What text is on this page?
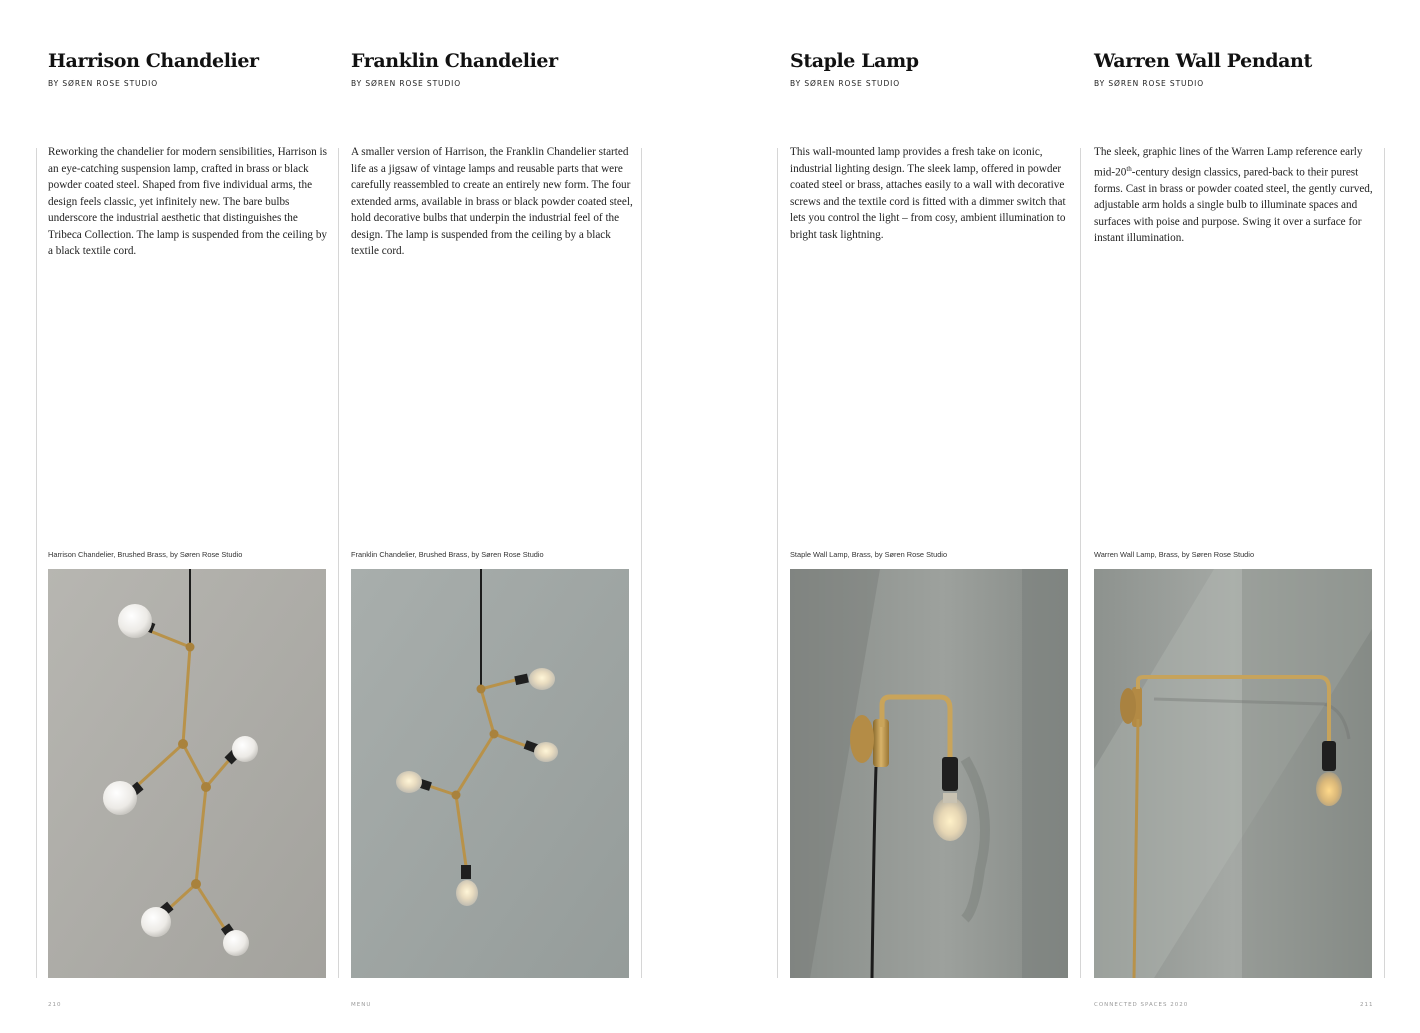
Harrison Chandelier
BY SØREN ROSE STUDIO

Reworking the chandelier for modern sensibilities, Harrison is an eye-catching suspension lamp, crafted in brass or black powder coated steel. Shaped from five individual arms, the design feels classic, yet infinitely new. The bare bulbs underscore the industrial aesthetic that distinguishes the Tribeca Collection. The lamp is suspended from the ceiling by a black textile cord.

Harrison Chandelier, Brushed Brass, by Søren Rose Studio
Franklin Chandelier
BY SØREN ROSE STUDIO

A smaller version of Harrison, the Franklin Chandelier started life as a jigsaw of vintage lamps and reusable parts that were carefully reassembled to create an entirely new form. The four extended arms, available in brass or black powder coated steel, hold decorative bulbs that underpin the industrial feel of the design. The lamp is suspended from the ceiling by a black textile cord.

Franklin Chandelier, Brushed Brass, by Søren Rose Studio
Staple Lamp
BY SØREN ROSE STUDIO

This wall-mounted lamp provides a fresh take on iconic, industrial lighting design. The sleek lamp, offered in powder coated steel or brass, attaches easily to a wall with decorative screws and the textile cord is fitted with a dimmer switch that lets you control the light – from cosy, ambient illumination to bright task lightning.

Staple Wall Lamp, Brass, by Søren Rose Studio
Warren Wall Pendant
BY SØREN ROSE STUDIO

The sleek, graphic lines of the Warren Lamp reference early mid-20th-century design classics, pared-back to their purest forms. Cast in brass or powder coated steel, the gently curved, adjustable arm holds a single bulb to illuminate spaces and surfaces with poise and purpose. Swing it over a surface for instant illumination.

Warren Wall Lamp, Brass, by Søren Rose Studio
210	MENU	CONNECTED SPACES 2020	211
